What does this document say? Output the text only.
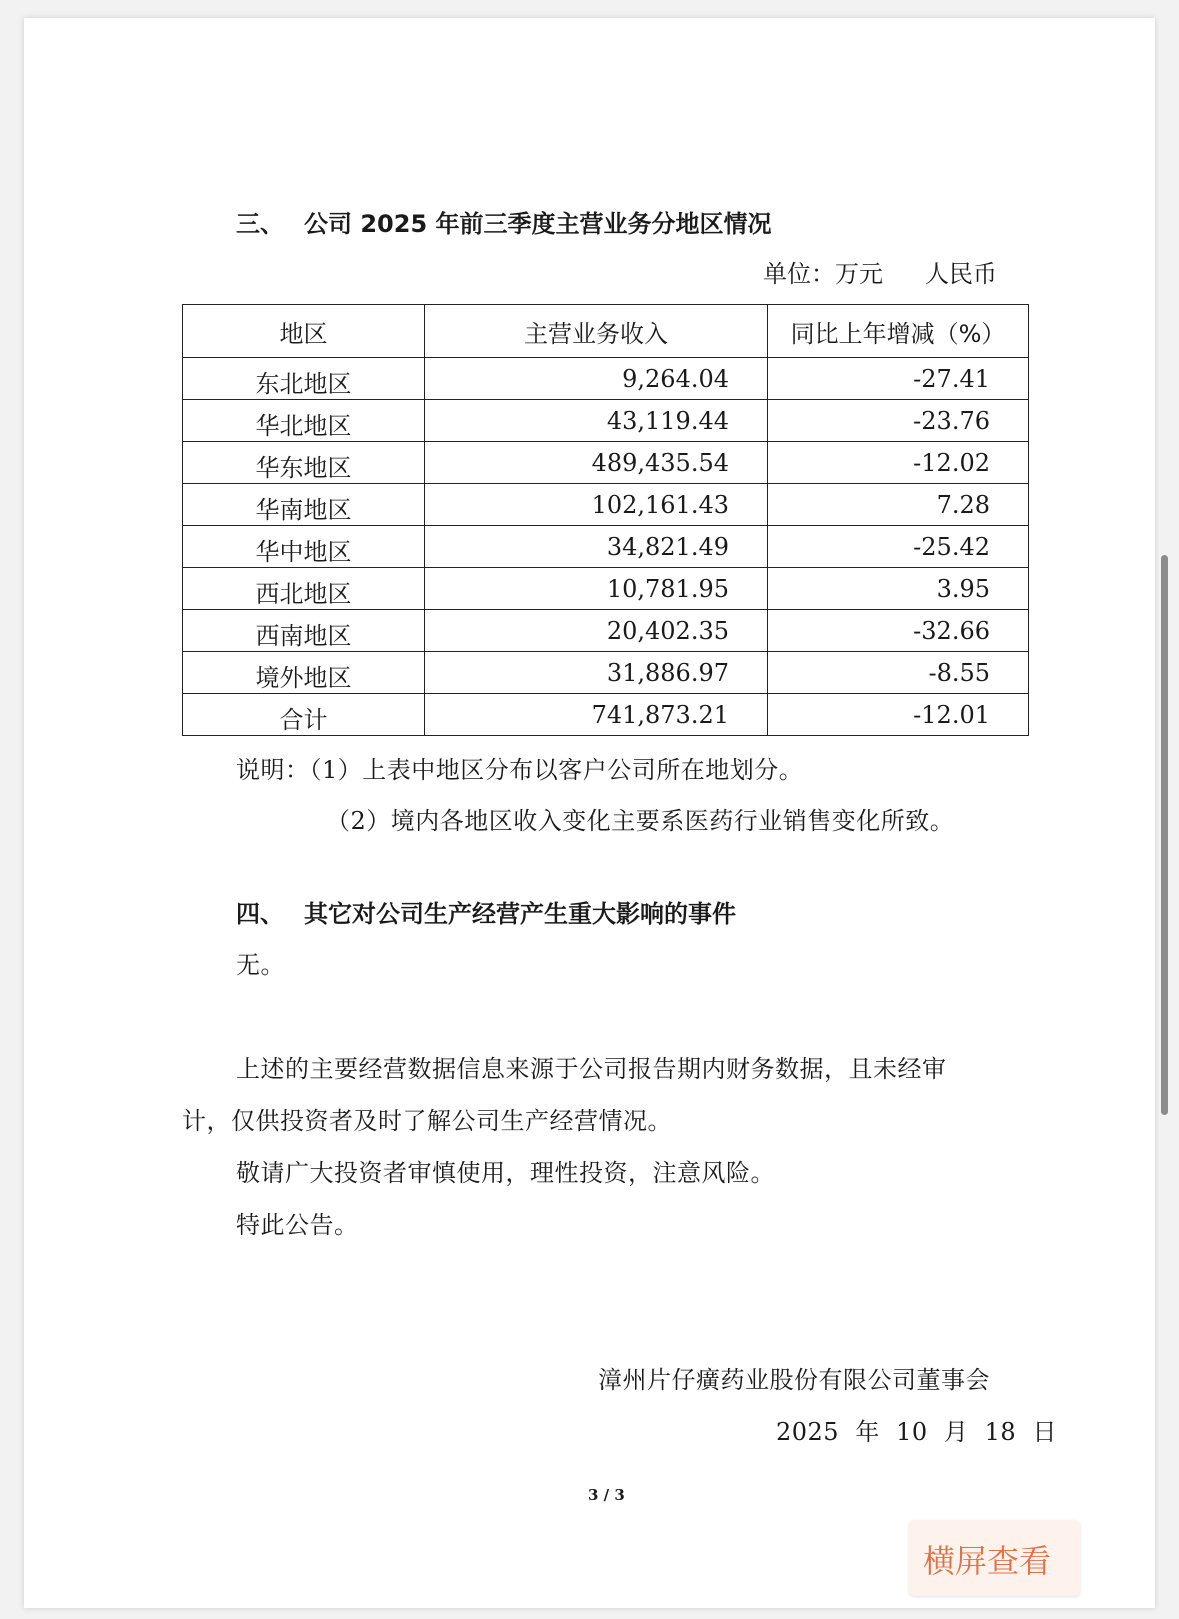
三、 公司 2025 年前三季度主营业务分地区情况
单位：万元 人民币
地区	主营业务收入	同比上年增减（%）
东北地区	9,264.04	-27.41
华北地区	43,119.44	-23.76
华东地区	489,435.54	-12.02
华南地区	102,161.43	7.28
华中地区	34,821.49	-25.42
西北地区	10,781.95	3.95
西南地区	20,402.35	-32.66
境外地区	31,886.97	-8.55
合计	741,873.21	-12.01
说明：（1）上表中地区分布以客户公司所在地划分。
（2）境内各地区收入变化主要系医药行业销售变化所致。
四、 其它对公司生产经营产生重大影响的事件
无。
上述的主要经营数据信息来源于公司报告期内财务数据，且未经审
计，仅供投资者及时了解公司生产经营情况。
敬请广大投资者审慎使用，理性投资，注意风险。
特此公告。
漳州片仔癀药业股份有限公司董事会
2025  年  10  月  18  日
3 / 3
横屏查看
